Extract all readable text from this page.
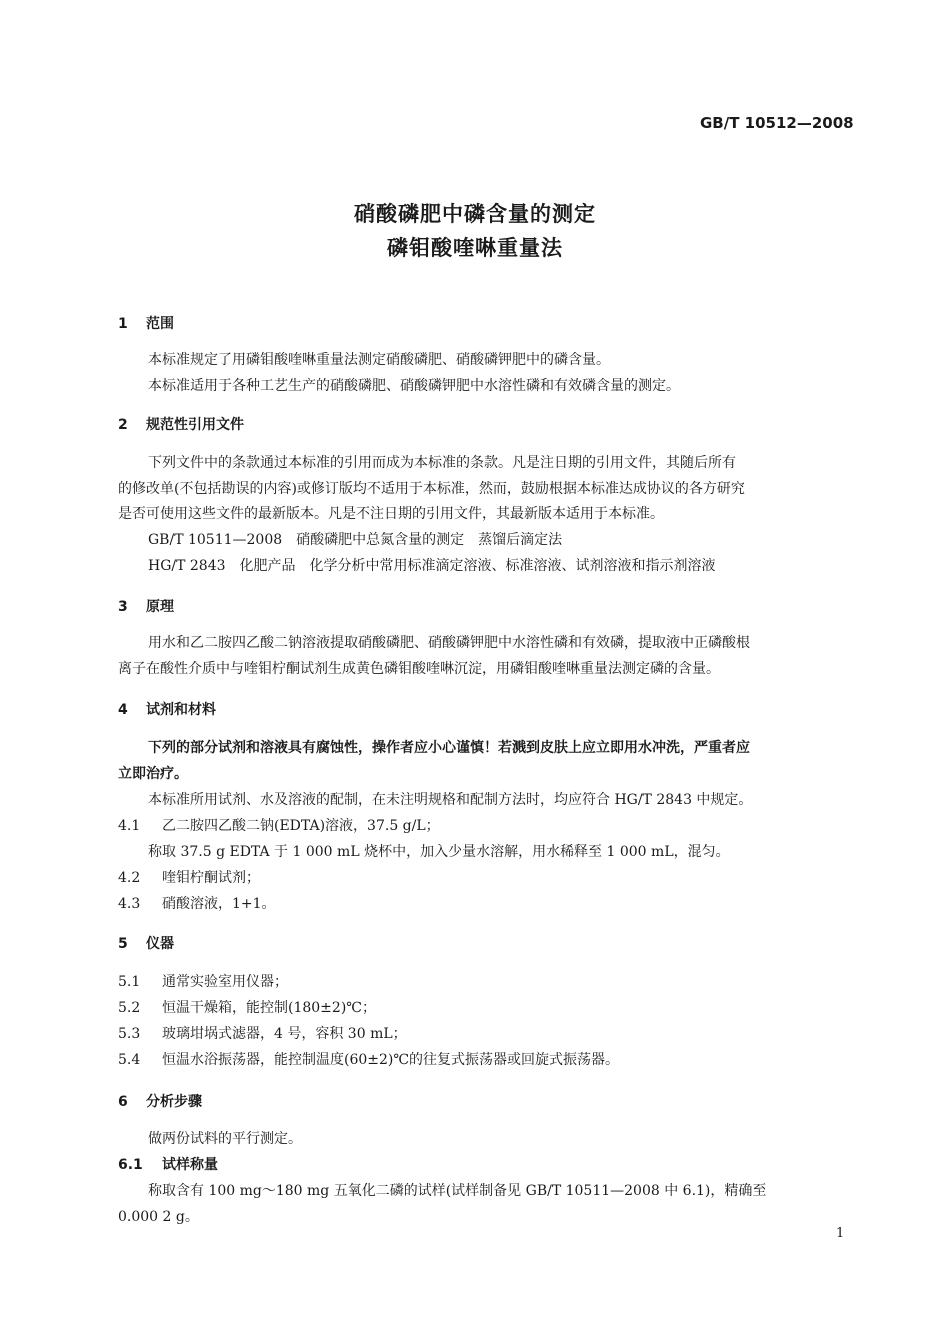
GB/T 10512—2008
硝酸磷肥中磷含量的测定
磷钼酸喹啉重量法
1 范围
本标准规定了用磷钼酸喹啉重量法测定硝酸磷肥、硝酸磷钾肥中的磷含量。
本标准适用于各种工艺生产的硝酸磷肥、硝酸磷钾肥中水溶性磷和有效磷含量的测定。
2 规范性引用文件
下列文件中的条款通过本标准的引用而成为本标准的条款。凡是注日期的引用文件，其随后所有
的修改单(不包括勘误的内容)或修订版均不适用于本标准，然而，鼓励根据本标准达成协议的各方研究
是否可使用这些文件的最新版本。凡是不注日期的引用文件，其最新版本适用于本标准。
GB/T 10511—2008　硝酸磷肥中总氮含量的测定　蒸馏后滴定法
HG/T 2843　化肥产品　化学分析中常用标准滴定溶液、标准溶液、试剂溶液和指示剂溶液
3 原理
用水和乙二胺四乙酸二钠溶液提取硝酸磷肥、硝酸磷钾肥中水溶性磷和有效磷，提取液中正磷酸根
离子在酸性介质中与喹钼柠酮试剂生成黄色磷钼酸喹啉沉淀，用磷钼酸喹啉重量法测定磷的含量。
4 试剂和材料
下列的部分试剂和溶液具有腐蚀性，操作者应小心谨慎！若溅到皮肤上应立即用水冲洗，严重者应
立即治疗。
本标准所用试剂、水及溶液的配制，在未注明规格和配制方法时，均应符合 HG/T 2843 中规定。
4.1 乙二胺四乙酸二钠(EDTA)溶液，37.5 g/L；
称取 37.5 g EDTA 于 1 000 mL 烧杯中，加入少量水溶解，用水稀释至 1 000 mL，混匀。
4.2 喹钼柠酮试剂；
4.3 硝酸溶液，1+1。
5 仪器
5.1 通常实验室用仪器；
5.2 恒温干燥箱，能控制(180±2)℃；
5.3 玻璃坩埚式滤器，4 号，容积 30 mL；
5.4 恒温水浴振荡器，能控制温度(60±2)℃的往复式振荡器或回旋式振荡器。
6 分析步骤
做两份试料的平行测定。
6.1 试样称量
称取含有 100 mg～180 mg 五氧化二磷的试样(试样制备见 GB/T 10511—2008 中 6.1)，精确至
0.000 2 g。
1
